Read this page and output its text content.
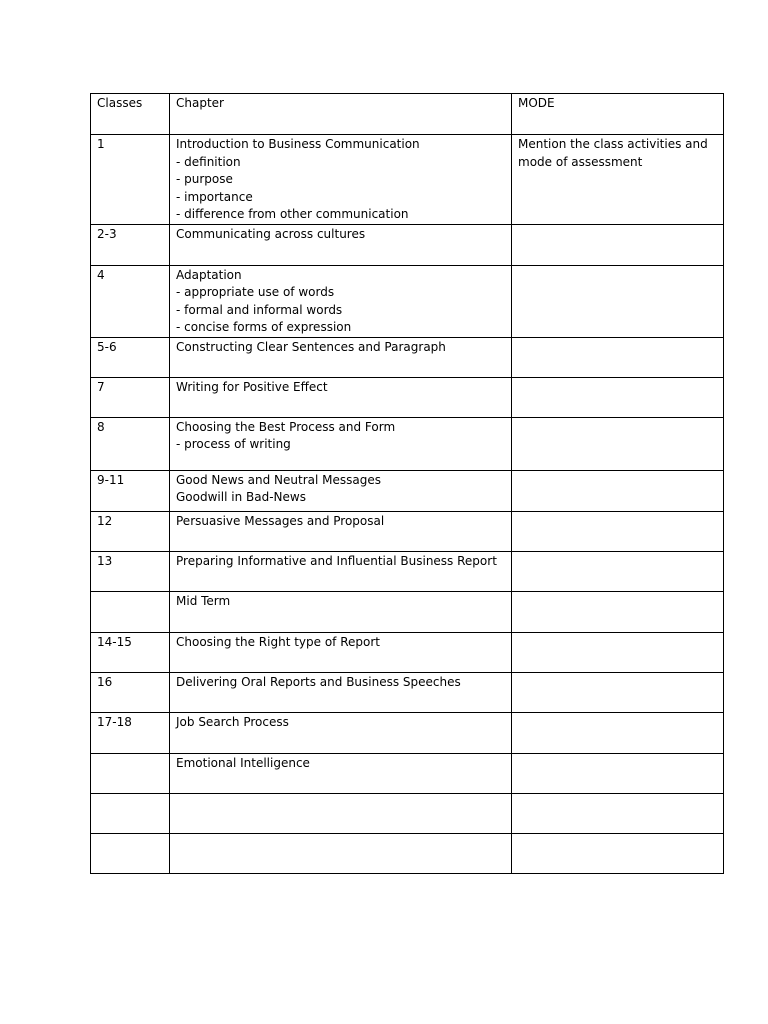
Classes	Chapter	MODE

1	Introduction to Business Communication
- definition
- purpose
- importance
- difference from other communication	Mention the class activities and mode of assessment

2-3	Communicating across cultures	

4	Adaptation
- appropriate use of words
- formal and informal words
- concise forms of expression	

5-6	Constructing Clear Sentences and Paragraph	

7	Writing for Positive Effect	

8	Choosing the Best Process and Form
- process of writing	

9-11	Good News and Neutral Messages
Goodwill in Bad-News	

12	Persuasive Messages and Proposal	

13	Preparing Informative and Influential Business Report	

	Mid Term	

14-15	Choosing the Right type of Report	

16	Delivering Oral Reports and Business Speeches	

17-18	Job Search Process	

	Emotional Intelligence	
